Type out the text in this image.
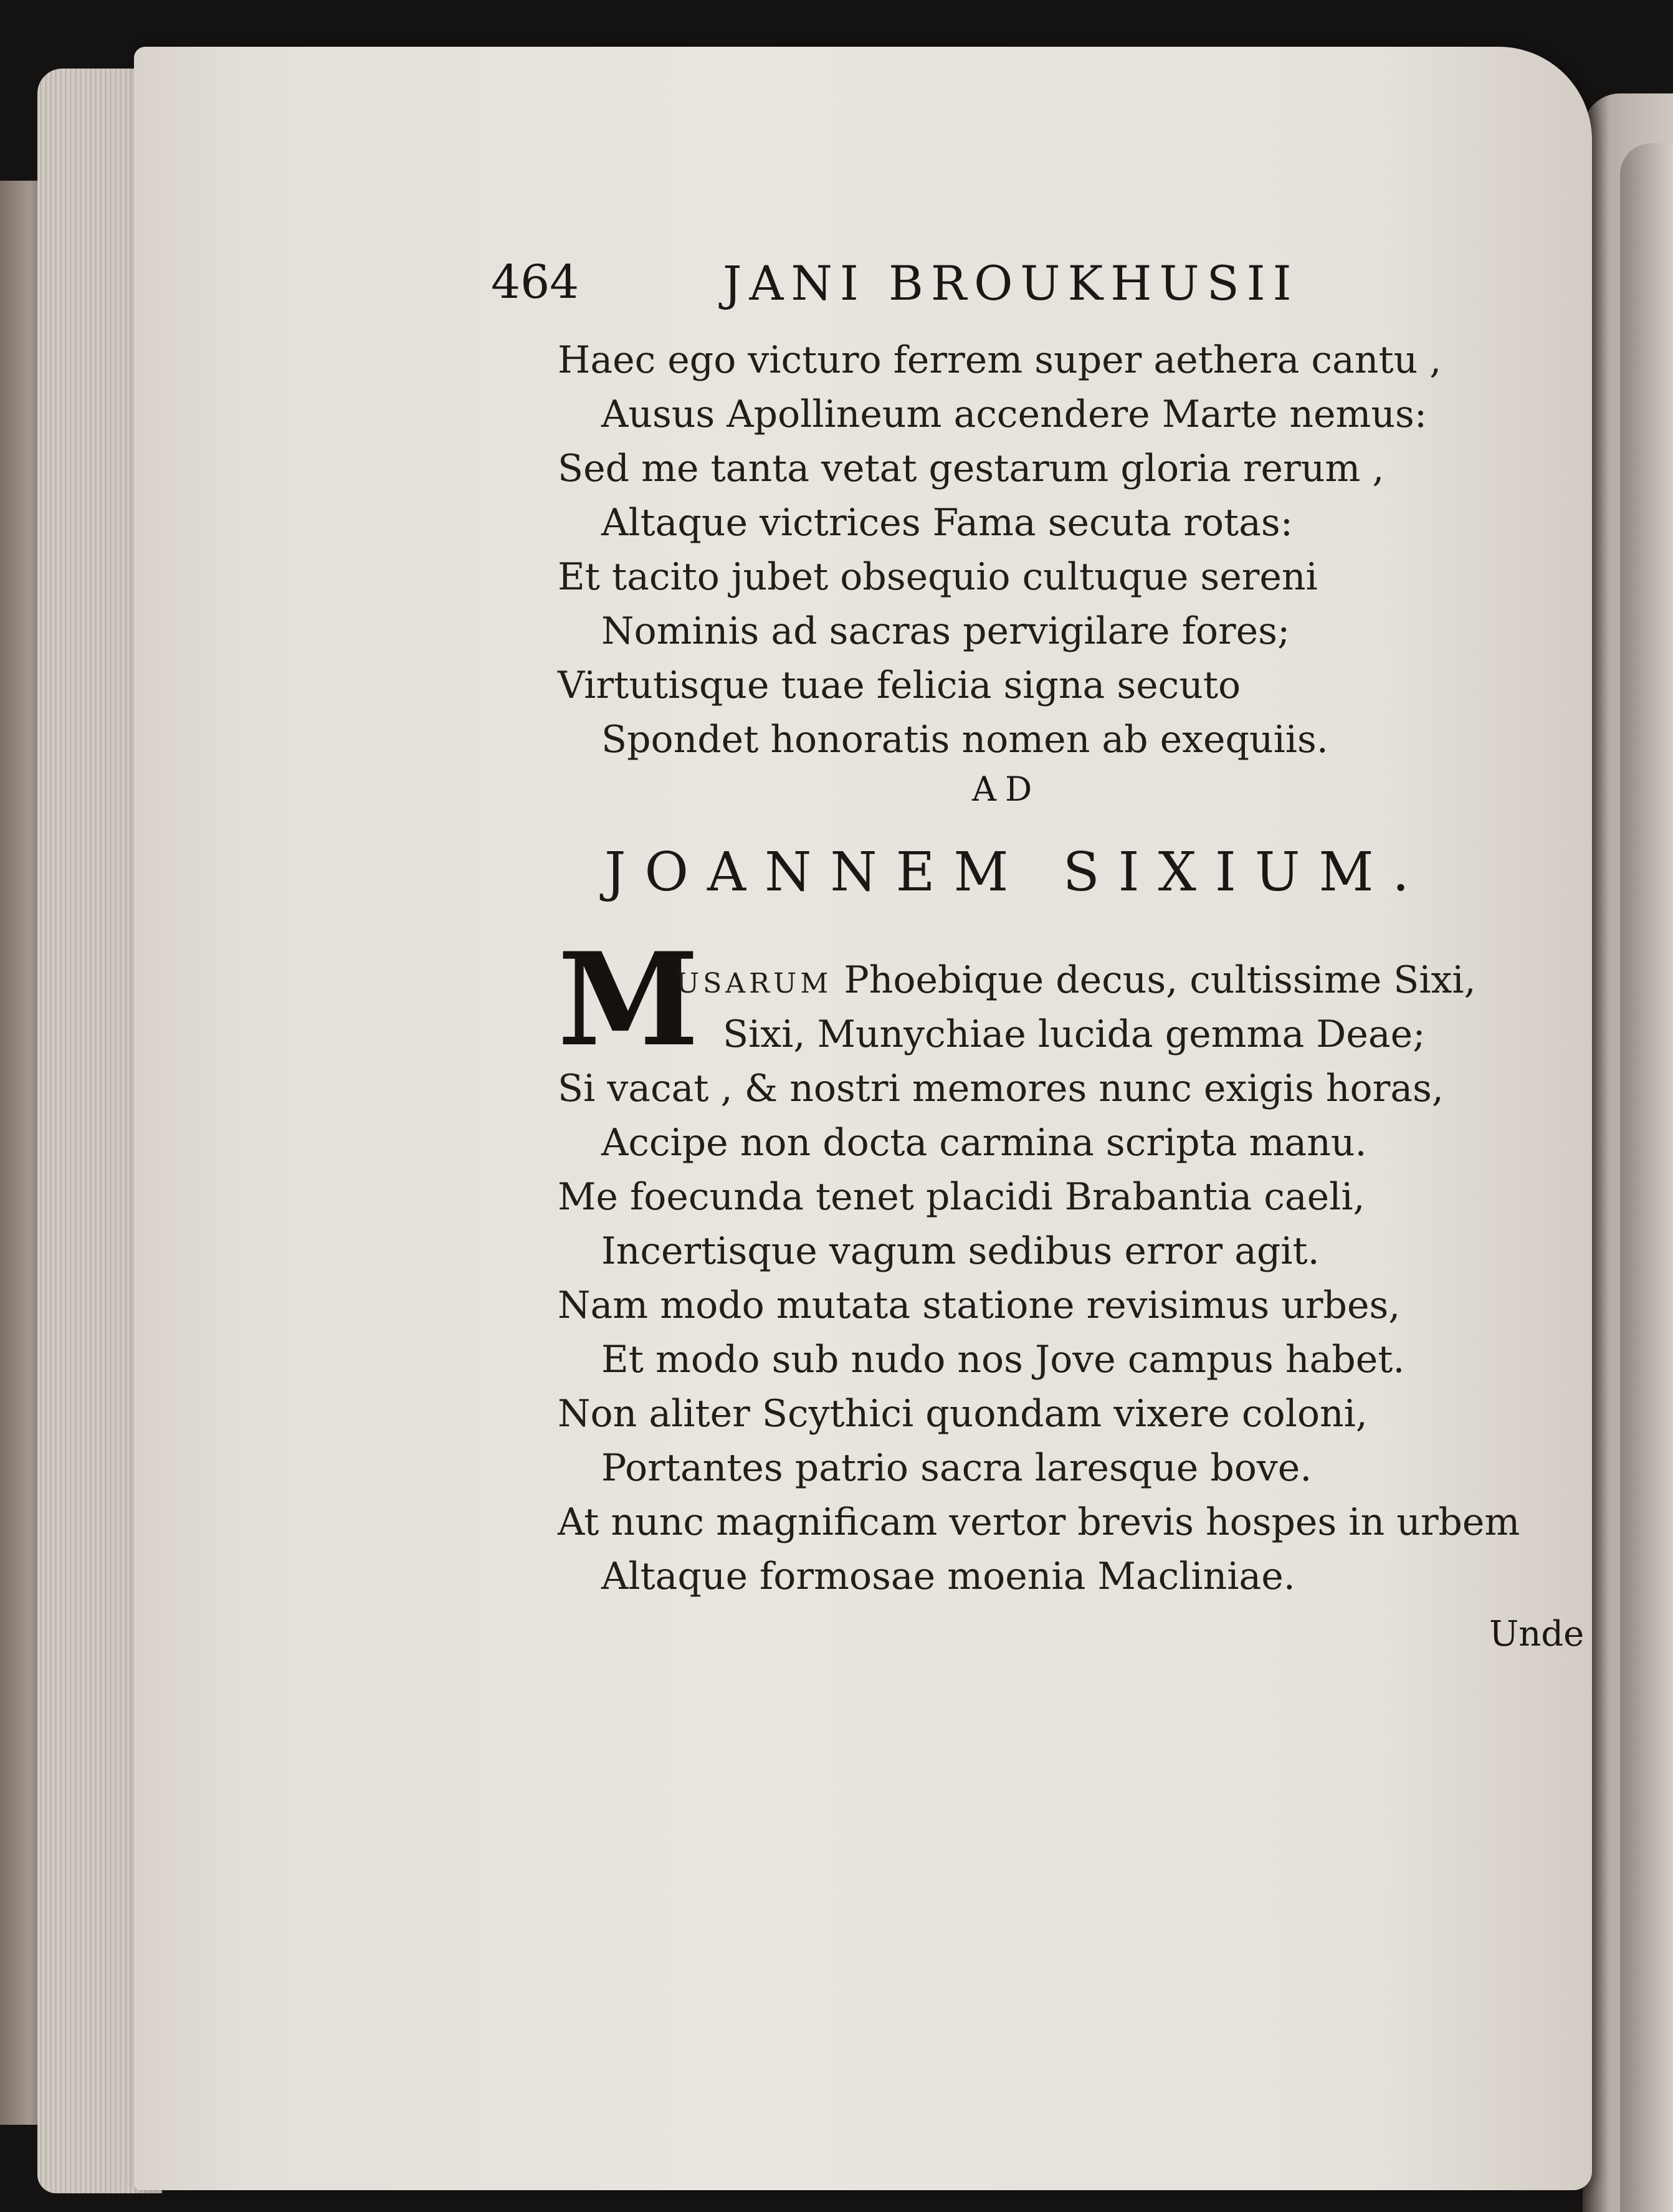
464	JANI BROUKHUSII
Haec ego victuro ferrem super aethera cantu ,
Ausus Apollineum accendere Marte nemus:
Sed me tanta vetat gestarum gloria rerum ,
Altaque victrices Fama secuta rotas:
Et tacito jubet obsequio cultuque sereni
Nominis ad sacras pervigilare fores;
Virtutisque tuae felicia signa secuto
Spondet honoratis nomen ab exequiis.
AD
JOANNEM SIXIUM.
M
USARUM Phoebique decus, cultissime Sixi,
Sixi, Munychiae lucida gemma Deae;
Si vacat , & nostri memores nunc exigis horas,
Accipe non docta carmina scripta manu.
Me foecunda tenet placidi Brabantia caeli,
Incertisque vagum sedibus error agit.
Nam modo mutata statione revisimus urbes,
Et modo sub nudo nos Jove campus habet.
Non aliter Scythici quondam vixere coloni,
Portantes patrio sacra laresque bove.
At nunc magnificam vertor brevis hospes in urbem
Altaque formosae moenia Macliniae.
Unde
